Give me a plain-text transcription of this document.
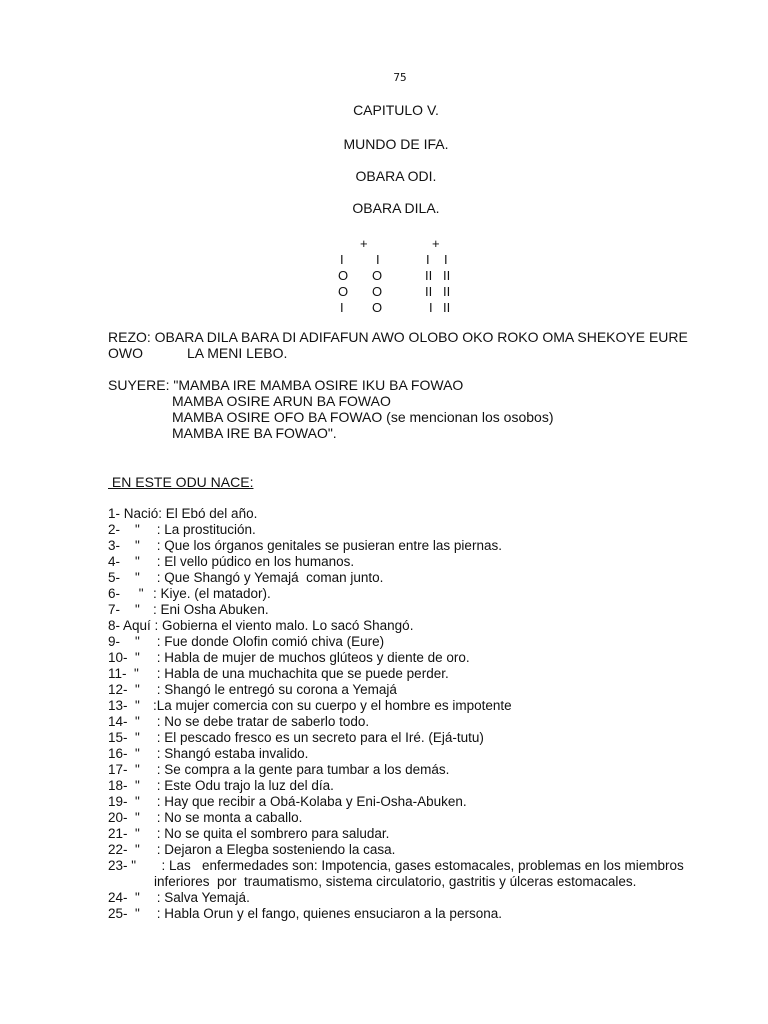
75
CAPITULO V.
MUNDO DE IFA.
OBARA ODI.
OBARA DILA.
+	+
I I	I I
O O	II II
O O	II II
I O	I II
REZO: OBARA DILA BARA DI ADIFAFUN AWO OLOBO OKO ROKO OMA SHEKOYE EURE
OWO	LA MENI LEBO.
SUYERE: "MAMBA IRE MAMBA OSIRE IKU BA FOWAO
MAMBA OSIRE ARUN BA FOWAO
MAMBA OSIRE OFO BA FOWAO (se mencionan los osobos)
MAMBA IRE BA FOWAO".
EN ESTE ODU NACE:
1- Nació: El Ebó del año.
2-    " : La prostitución.
3-    " : Que los órganos genitales se pusieran entre las piernas.
4-    " : El vello púdico en los humanos.
5-    " : Que Shangó y Yemajá  coman junto.
6-     " : Kiye. (el matador).
7-    " : Eni Osha Abuken.
8- Aquí : Gobierna el viento malo. Lo sacó Shangó.
9-    " : Fue donde Olofin comió chiva (Eure)
10-  " : Habla de mujer de muchos glúteos y diente de oro.
11-  " : Habla de una muchachita que se puede perder.
12-  " : Shangó le entregó su corona a Yemajá
13-  " :La mujer comercia con su cuerpo y el hombre es impotente
14-  " : No se debe tratar de saberlo todo.
15-  " : El pescado fresco es un secreto para el Iré. (Ejá-tutu)
16-  " : Shangó estaba invalido.
17-  " : Se compra a la gente para tumbar a los demás.
18-  " : Este Odu trajo la luz del día.
19-  " : Hay que recibir a Obá-Kolaba y Eni-Osha-Abuken.
20-  " : No se monta a caballo.
21-  " : No se quita el sombrero para saludar.
22-  " : Dejaron a Elegba sosteniendo la casa.
23- " : Las   enfermedades son: Impotencia, gases estomacales, problemas en los miembros   inferiores  por  traumatismo, sistema circulatorio, gastritis y úlceras estomacales.
24-  " : Salva Yemajá.
25-  " : Habla Orun y el fango, quienes ensuciaron a la persona.
